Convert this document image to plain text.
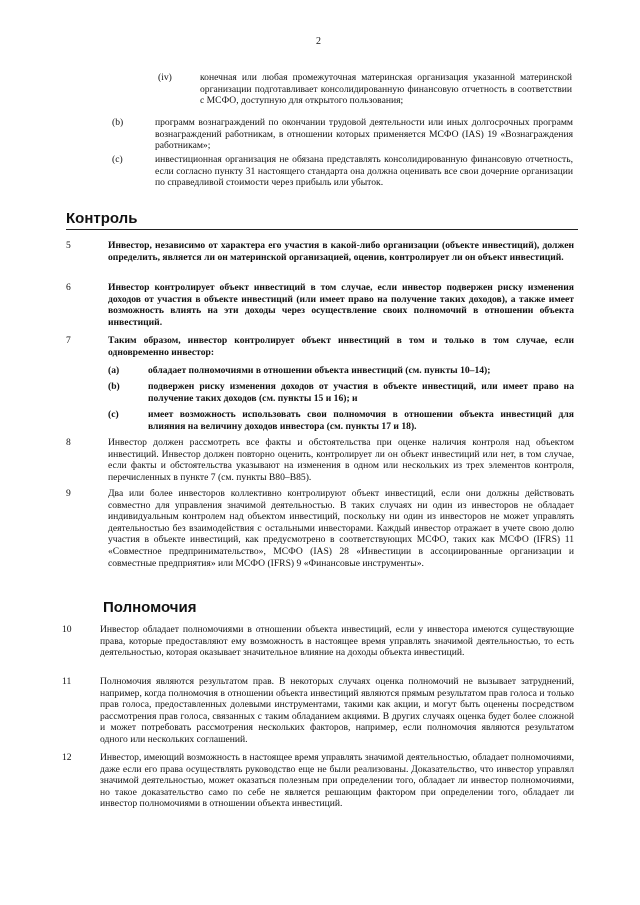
2

(iv)	конечная или любая промежуточная материнская организация указанной материнской организации подготавливает консолидированную финансовую отчетность в соответствии с МСФО, доступную для открытого пользования;

(b)	программ вознаграждений по окончании трудовой деятельности или иных долгосрочных программ вознаграждений работникам, в отношении которых применяется МСФО (IAS) 19 «Вознаграждения работникам»;

(c)	инвестиционная организация не обязана представлять консолидированную финансовую отчетность, если согласно пункту 31 настоящего стандарта она должна оценивать все свои дочерние организации по справедливой стоимости через прибыль или убыток.

Контроль

5	Инвестор, независимо от характера его участия в какой-либо организации (объекте инвестиций), должен определить, является ли он материнской организацией, оценив, контролирует ли он объект инвестиций.

6	Инвестор контролирует объект инвестиций в том случае, если инвестор подвержен риску изменения доходов от участия в объекте инвестиций (или имеет право на получение таких доходов), а также имеет возможность влиять на эти доходы через осуществление своих полномочий в отношении объекта инвестиций.

7	Таким образом, инвестор контролирует объект инвестиций в том и только в том случае, если одновременно инвестор:

(a)	обладает полномочиями в отношении объекта инвестиций (см. пункты 10–14);

(b)	подвержен риску изменения доходов от участия в объекте инвестиций, или имеет право на получение таких доходов (см. пункты 15 и 16); и

(c)	имеет возможность использовать свои полномочия в отношении объекта инвестиций для влияния на величину доходов инвестора (см. пункты 17 и 18).

8	Инвестор должен рассмотреть все факты и обстоятельства при оценке наличия контроля над объектом инвестиций. Инвестор должен повторно оценить, контролирует ли он объект инвестиций или нет, в том случае, если факты и обстоятельства указывают на изменения в одном или нескольких из трех элементов контроля, перечисленных в пункте 7 (см. пункты B80–B85).

9	Два или более инвесторов коллективно контролируют объект инвестиций, если они должны действовать совместно для управления значимой деятельностью. В таких случаях ни один из инвесторов не обладает индивидуальным контролем над объектом инвестиций, поскольку ни один из инвесторов не может управлять деятельностью без взаимодействия с остальными инвесторами. Каждый инвестор отражает в учете свою долю участия в объекте инвестиций, как предусмотрено в соответствующих МСФО, таких как МСФО (IFRS) 11 «Совместное предпринимательство», МСФО (IAS) 28 «Инвестиции в ассоциированные организации и совместные предприятия» или МСФО (IFRS) 9 «Финансовые инструменты».

Полномочия

10	Инвестор обладает полномочиями в отношении объекта инвестиций, если у инвестора имеются существующие права, которые предоставляют ему возможность в настоящее время управлять значимой деятельностью, то есть деятельностью, которая оказывает значительное влияние на доходы объекта инвестиций.

11	Полномочия являются результатом прав. В некоторых случаях оценка полномочий не вызывает затруднений, например, когда полномочия в отношении объекта инвестиций являются прямым результатом прав голоса и только прав голоса, предоставленных долевыми инструментами, такими как акции, и могут быть оценены посредством рассмотрения прав голоса, связанных с таким обладанием акциями. В других случаях оценка будет более сложной и может потребовать рассмотрения нескольких факторов, например, если полномочия являются результатом одного или нескольких соглашений.

12	Инвестор, имеющий возможность в настоящее время управлять значимой деятельностью, обладает полномочиями, даже если его права осуществлять руководство еще не были реализованы. Доказательство, что инвестор управлял значимой деятельностью, может оказаться полезным при определении того, обладает ли инвестор полномочиями, но такое доказательство само по себе не является решающим фактором при определении того, обладает ли инвестор полномочиями в отношении объекта инвестиций.
